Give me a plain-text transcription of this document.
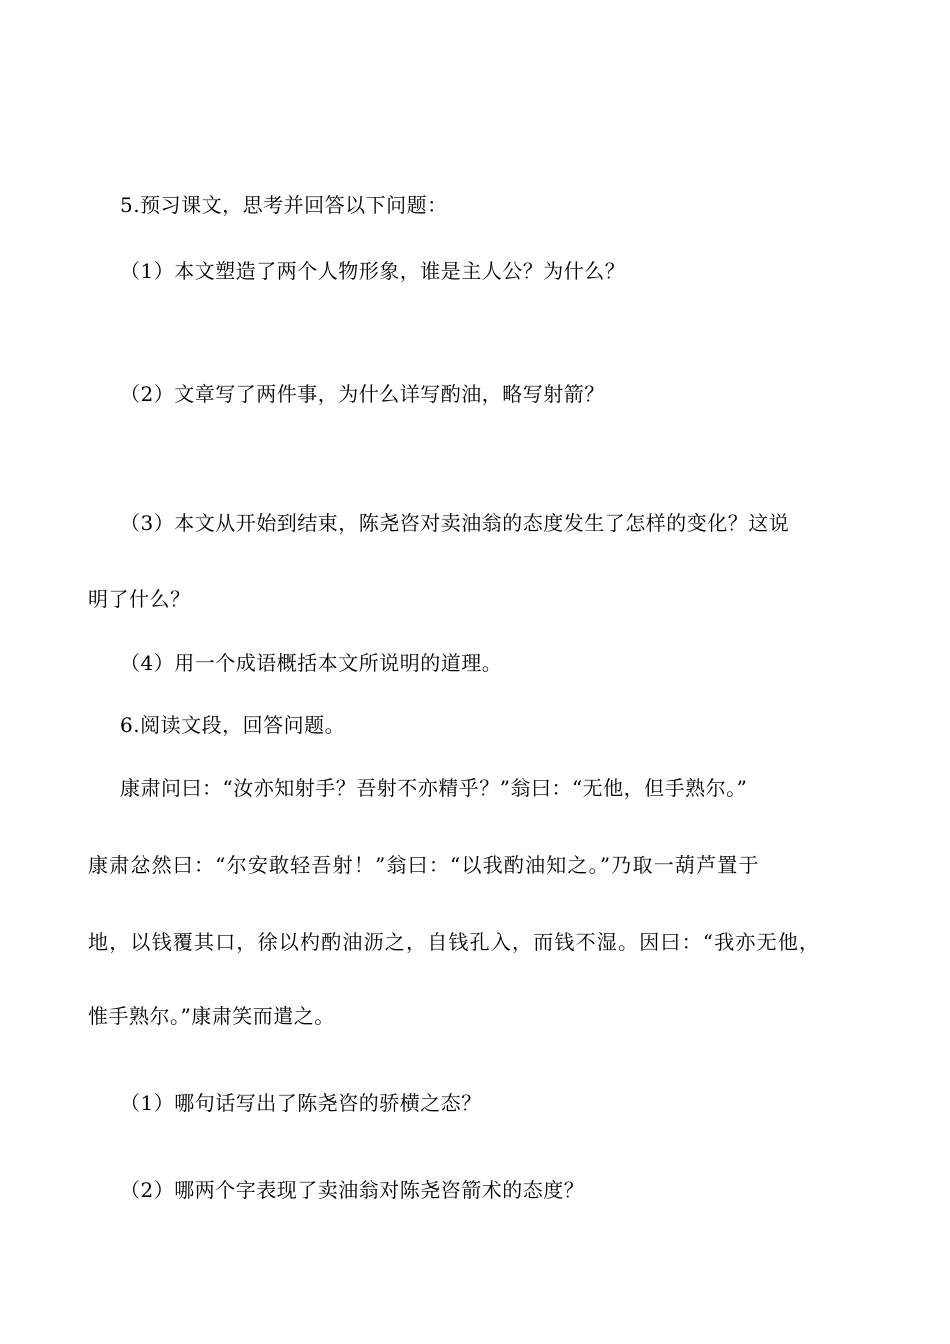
5.预习课文，思考并回答以下问题：
（1）本文塑造了两个人物形象，谁是主人公？为什么？
（2）文章写了两件事，为什么详写酌油，略写射箭？
（3）本文从开始到结束，陈尧咨对卖油翁的态度发生了怎样的变化？这说
明了什么？
（4）用一个成语概括本文所说明的道理。
6.阅读文段，回答问题。
康肃问曰：“汝亦知射手？吾射不亦精乎？”翁曰：“无他，但手熟尔。”
康肃忿然曰：“尔安敢轻吾射！”翁曰：“以我酌油知之。”乃取一葫芦置于
地，以钱覆其口，徐以杓酌油沥之，自钱孔入，而钱不湿。因曰：“我亦无他，
惟手熟尔。”康肃笑而遣之。
（1）哪句话写出了陈尧咨的骄横之态？
（2）哪两个字表现了卖油翁对陈尧咨箭术的态度？
